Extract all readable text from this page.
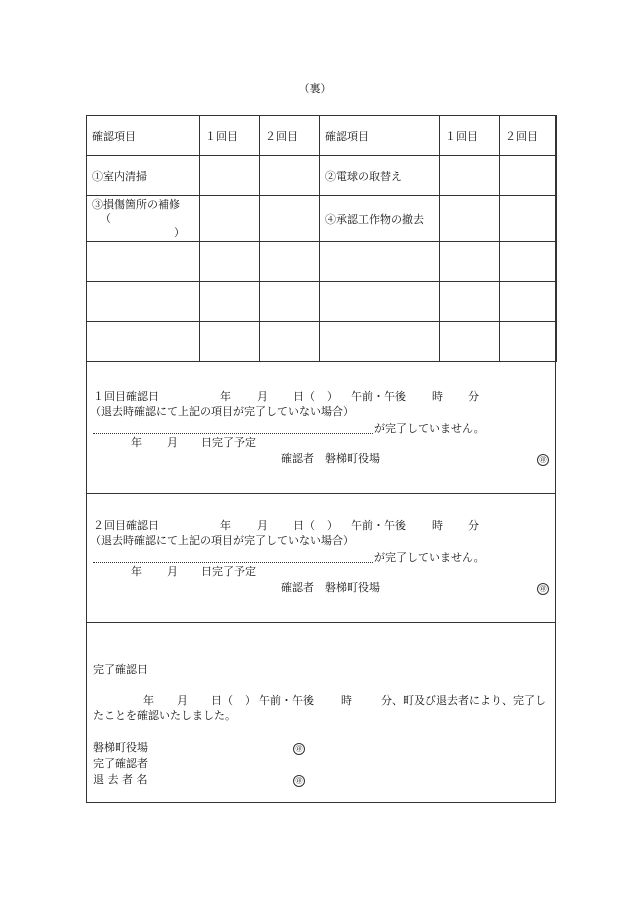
（裏）
確認項目	１回目	２回目	確認項目	１回目	２回目
①室内清掃			②電球の取替え		

③損傷箇所の補修
（
）			④承認工作物の撤去		

１回目確認日	年 月 日（ ） 午前・午後 時 分
（退去時確認にて上記の項目が完了していない場合）
が完了していません。
年 月 日完了予定
確認者　磐梯町役場	㊞
２回目確認日	年 月 日（ ） 午前・午後 時 分
（退去時確認にて上記の項目が完了していない場合）
が完了していません。
年 月 日完了予定
確認者　磐梯町役場	㊞
完了確認日
年 月 日（ ） 午前・午後 時	分、町及び退去者により、完了し
たことを確認いたしました。
磐梯町役場	㊞
完了確認者
退 去 者 名	㊞
